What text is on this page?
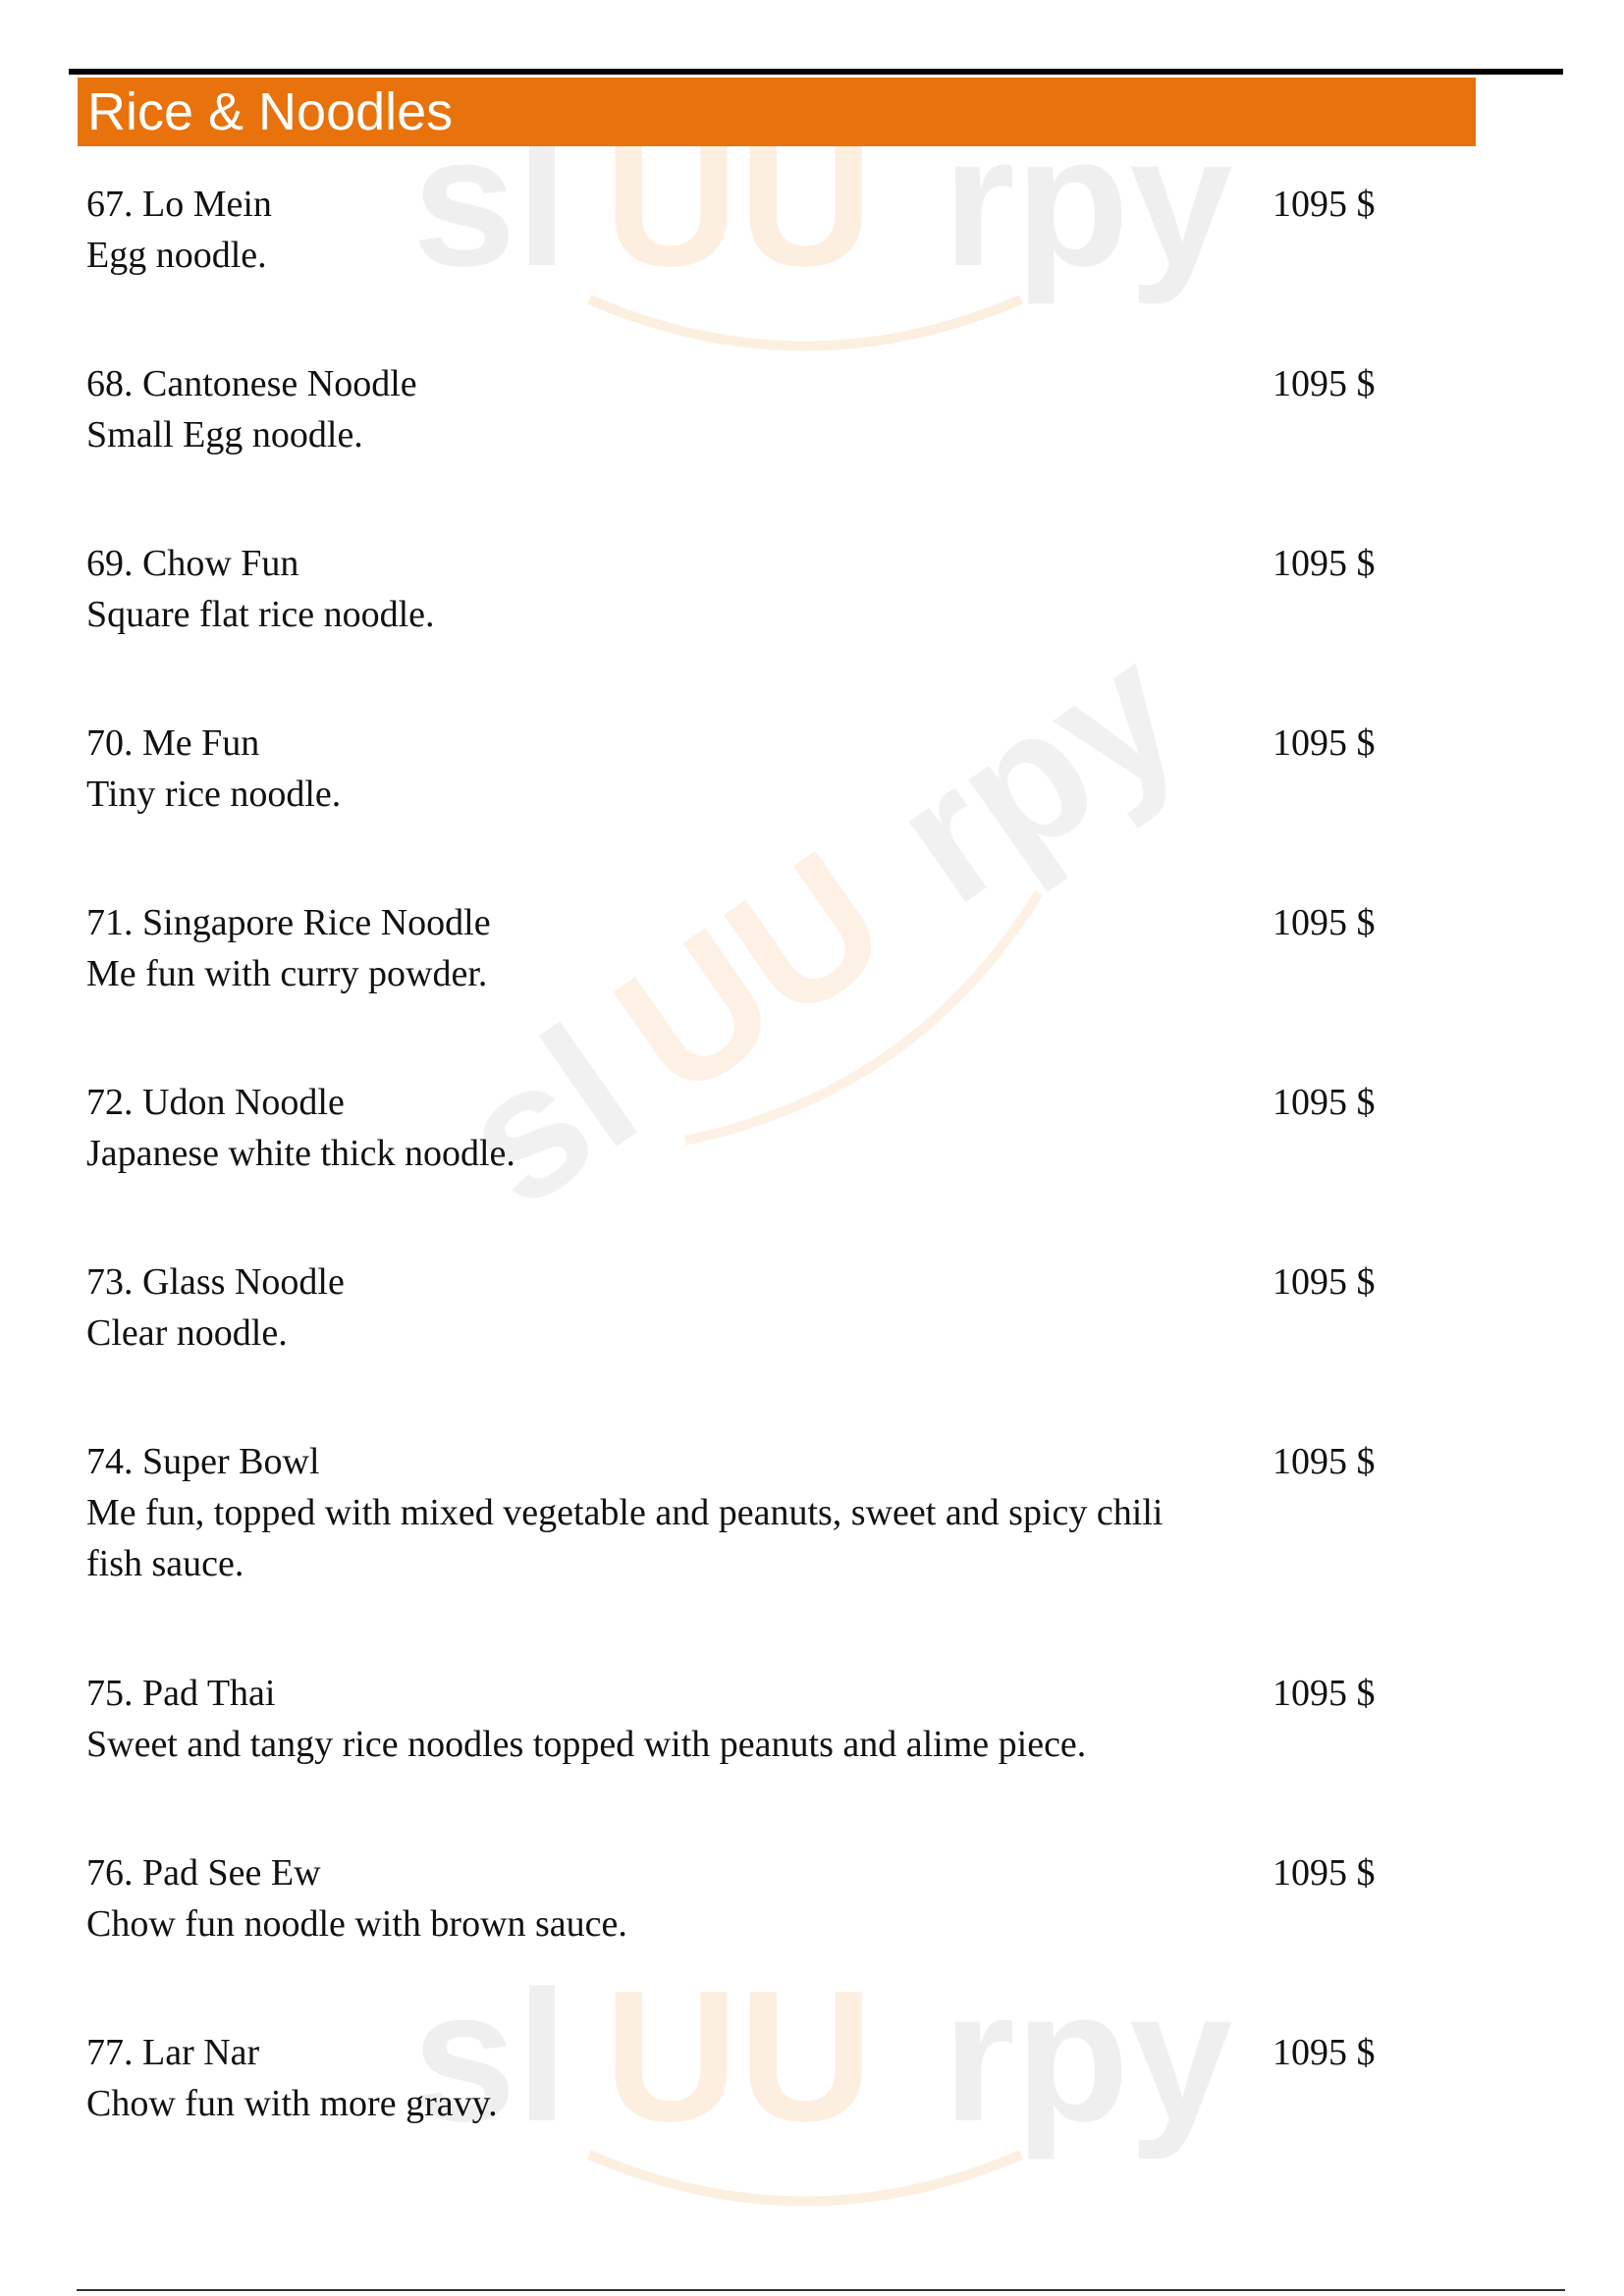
sl UU rpy
sl
UU
rpy
sl UU rpy
Rice & Noodles
67. Lo Mein	1095 $
Egg noodle.
68. Cantonese Noodle	1095 $
Small Egg noodle.
69. Chow Fun	1095 $
Square flat rice noodle.
70. Me Fun	1095 $
Tiny rice noodle.
71. Singapore Rice Noodle	1095 $
Me fun with curry powder.
72. Udon Noodle	1095 $
Japanese white thick noodle.
73. Glass Noodle	1095 $
Clear noodle.
74. Super Bowl	1095 $
Me fun, topped with mixed vegetable and peanuts, sweet and spicy chili fish sauce.
75. Pad Thai	1095 $
Sweet and tangy rice noodles topped with peanuts and alime piece.
76. Pad See Ew	1095 $
Chow fun noodle with brown sauce.
77. Lar Nar	1095 $
Chow fun with more gravy.
